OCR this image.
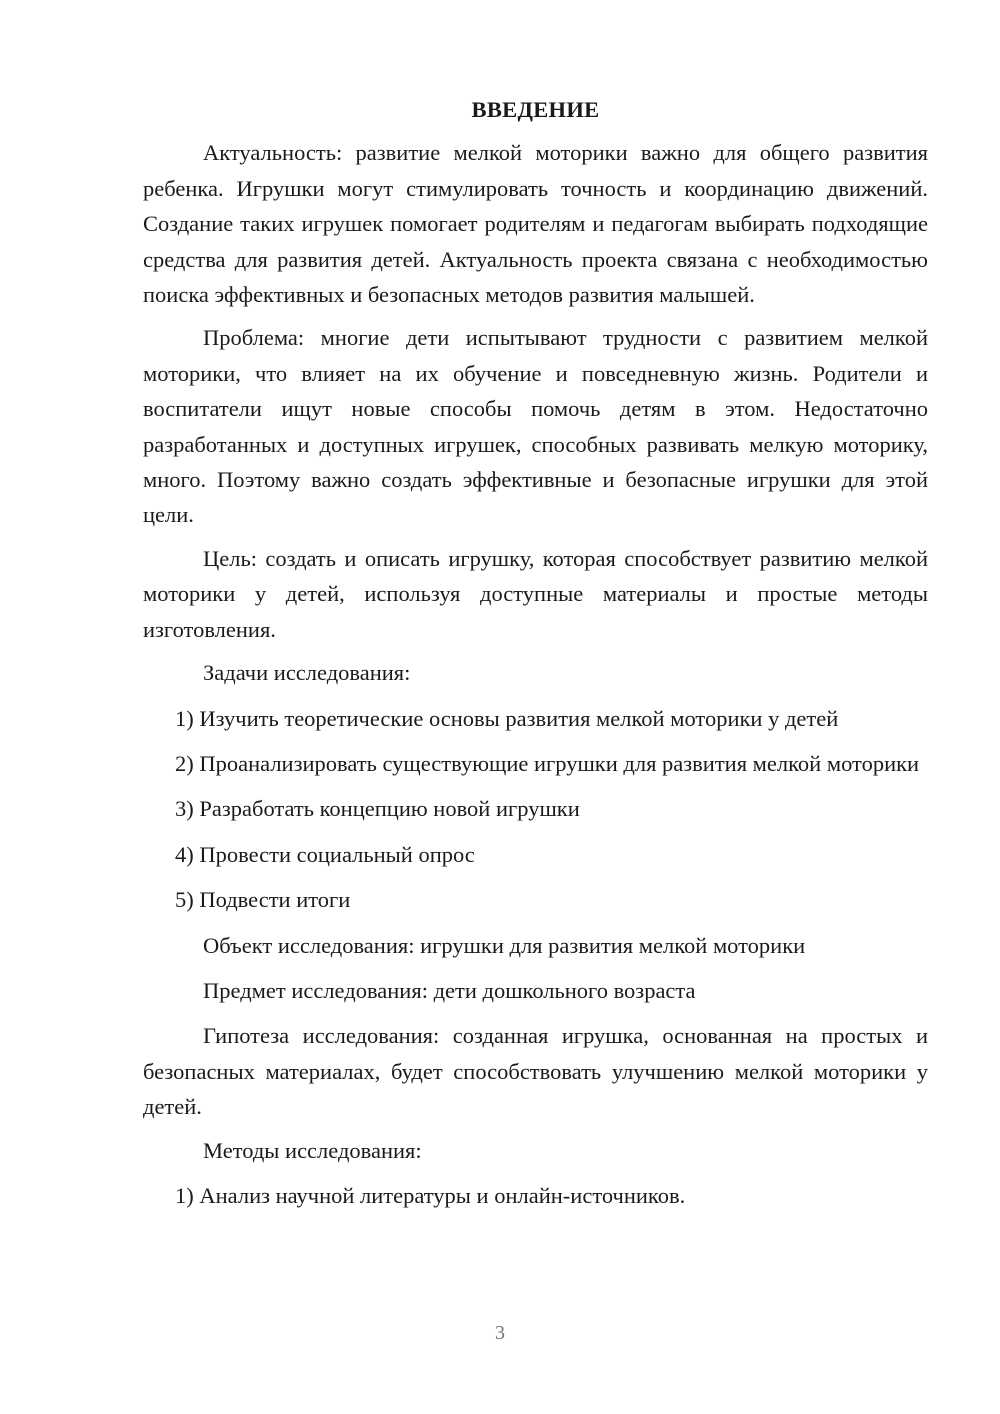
ВВЕДЕНИЕ

Актуальность: развитие мелкой моторики важно для общего развития ребенка. Игрушки могут стимулировать точность и координацию движений. Создание таких игрушек помогает родителям и педагогам выбирать подходящие средства для развития детей. Актуальность проекта связана с необходимостью поиска эффективных и безопасных методов развития малышей.

Проблема: многие дети испытывают трудности с развитием мелкой моторики, что влияет на их обучение и повседневную жизнь. Родители и воспитатели ищут новые способы помочь детям в этом. Недостаточно разработанных и доступных игрушек, способных развивать мелкую моторику, много. Поэтому важно создать эффективные и безопасные игрушки для этой цели.

Цель: создать и описать игрушку, которая способствует развитию мелкой моторики у детей, используя доступные материалы и простые методы изготовления.

Задачи исследования:

1) Изучить теоретические основы развития мелкой моторики у детей

2) Проанализировать существующие игрушки для развития мелкой моторики

3) Разработать концепцию новой игрушки

4) Провести социальный опрос

5) Подвести итоги

Объект исследования: игрушки для развития мелкой моторики

Предмет исследования: дети дошкольного возраста

Гипотеза исследования: созданная игрушка, основанная на простых и безопасных материалах, будет способствовать улучшению мелкой моторики у детей.

Методы исследования:

1) Анализ научной литературы и онлайн-источников.

3
